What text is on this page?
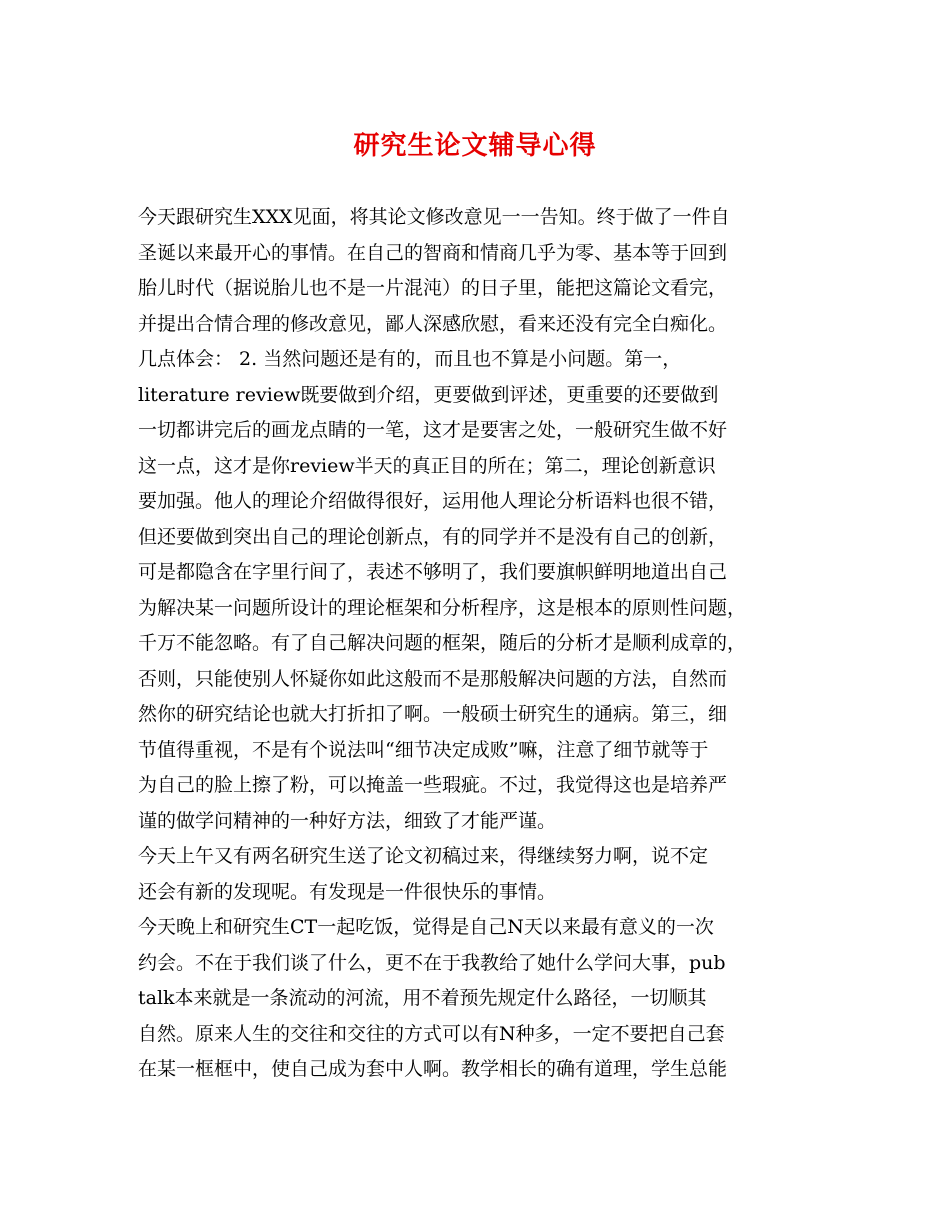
研究生论文辅导心得
今天跟研究生XXX见面，将其论文修改意见一一告知。终于做了一件自
圣诞以来最开心的事情。在自己的智商和情商几乎为零、基本等于回到
胎儿时代（据说胎儿也不是一片混沌）的日子里，能把这篇论文看完，
并提出合情合理的修改意见，鄙人深感欣慰，看来还没有完全白痴化。
几点体会： 2. 当然问题还是有的，而且也不算是小问题。第一，
literature review既要做到介绍，更要做到评述，更重要的还要做到
一切都讲完后的画龙点睛的一笔，这才是要害之处，一般研究生做不好
这一点，这才是你review半天的真正目的所在；第二，理论创新意识
要加强。他人的理论介绍做得很好，运用他人理论分析语料也很不错，
但还要做到突出自己的理论创新点，有的同学并不是没有自己的创新，
可是都隐含在字里行间了，表述不够明了，我们要旗帜鲜明地道出自己
为解决某一问题所设计的理论框架和分析程序，这是根本的原则性问题，
千万不能忽略。有了自己解决问题的框架，随后的分析才是顺利成章的，
否则，只能使别人怀疑你如此这般而不是那般解决问题的方法，自然而
然你的研究结论也就大打折扣了啊。一般硕士研究生的通病。第三，细
节值得重视，不是有个说法叫“细节决定成败”嘛，注意了细节就等于
为自己的脸上擦了粉，可以掩盖一些瑕疵。不过，我觉得这也是培养严
谨的做学问精神的一种好方法，细致了才能严谨。
今天上午又有两名研究生送了论文初稿过来，得继续努力啊，说不定
还会有新的发现呢。有发现是一件很快乐的事情。
今天晚上和研究生CT一起吃饭，觉得是自己N天以来最有意义的一次
约会。不在于我们谈了什么，更不在于我教给了她什么学问大事，pub
talk本来就是一条流动的河流，用不着预先规定什么路径，一切顺其
自然。原来人生的交往和交往的方式可以有N种多，一定不要把自己套
在某一框框中，使自己成为套中人啊。教学相长的确有道理，学生总能
